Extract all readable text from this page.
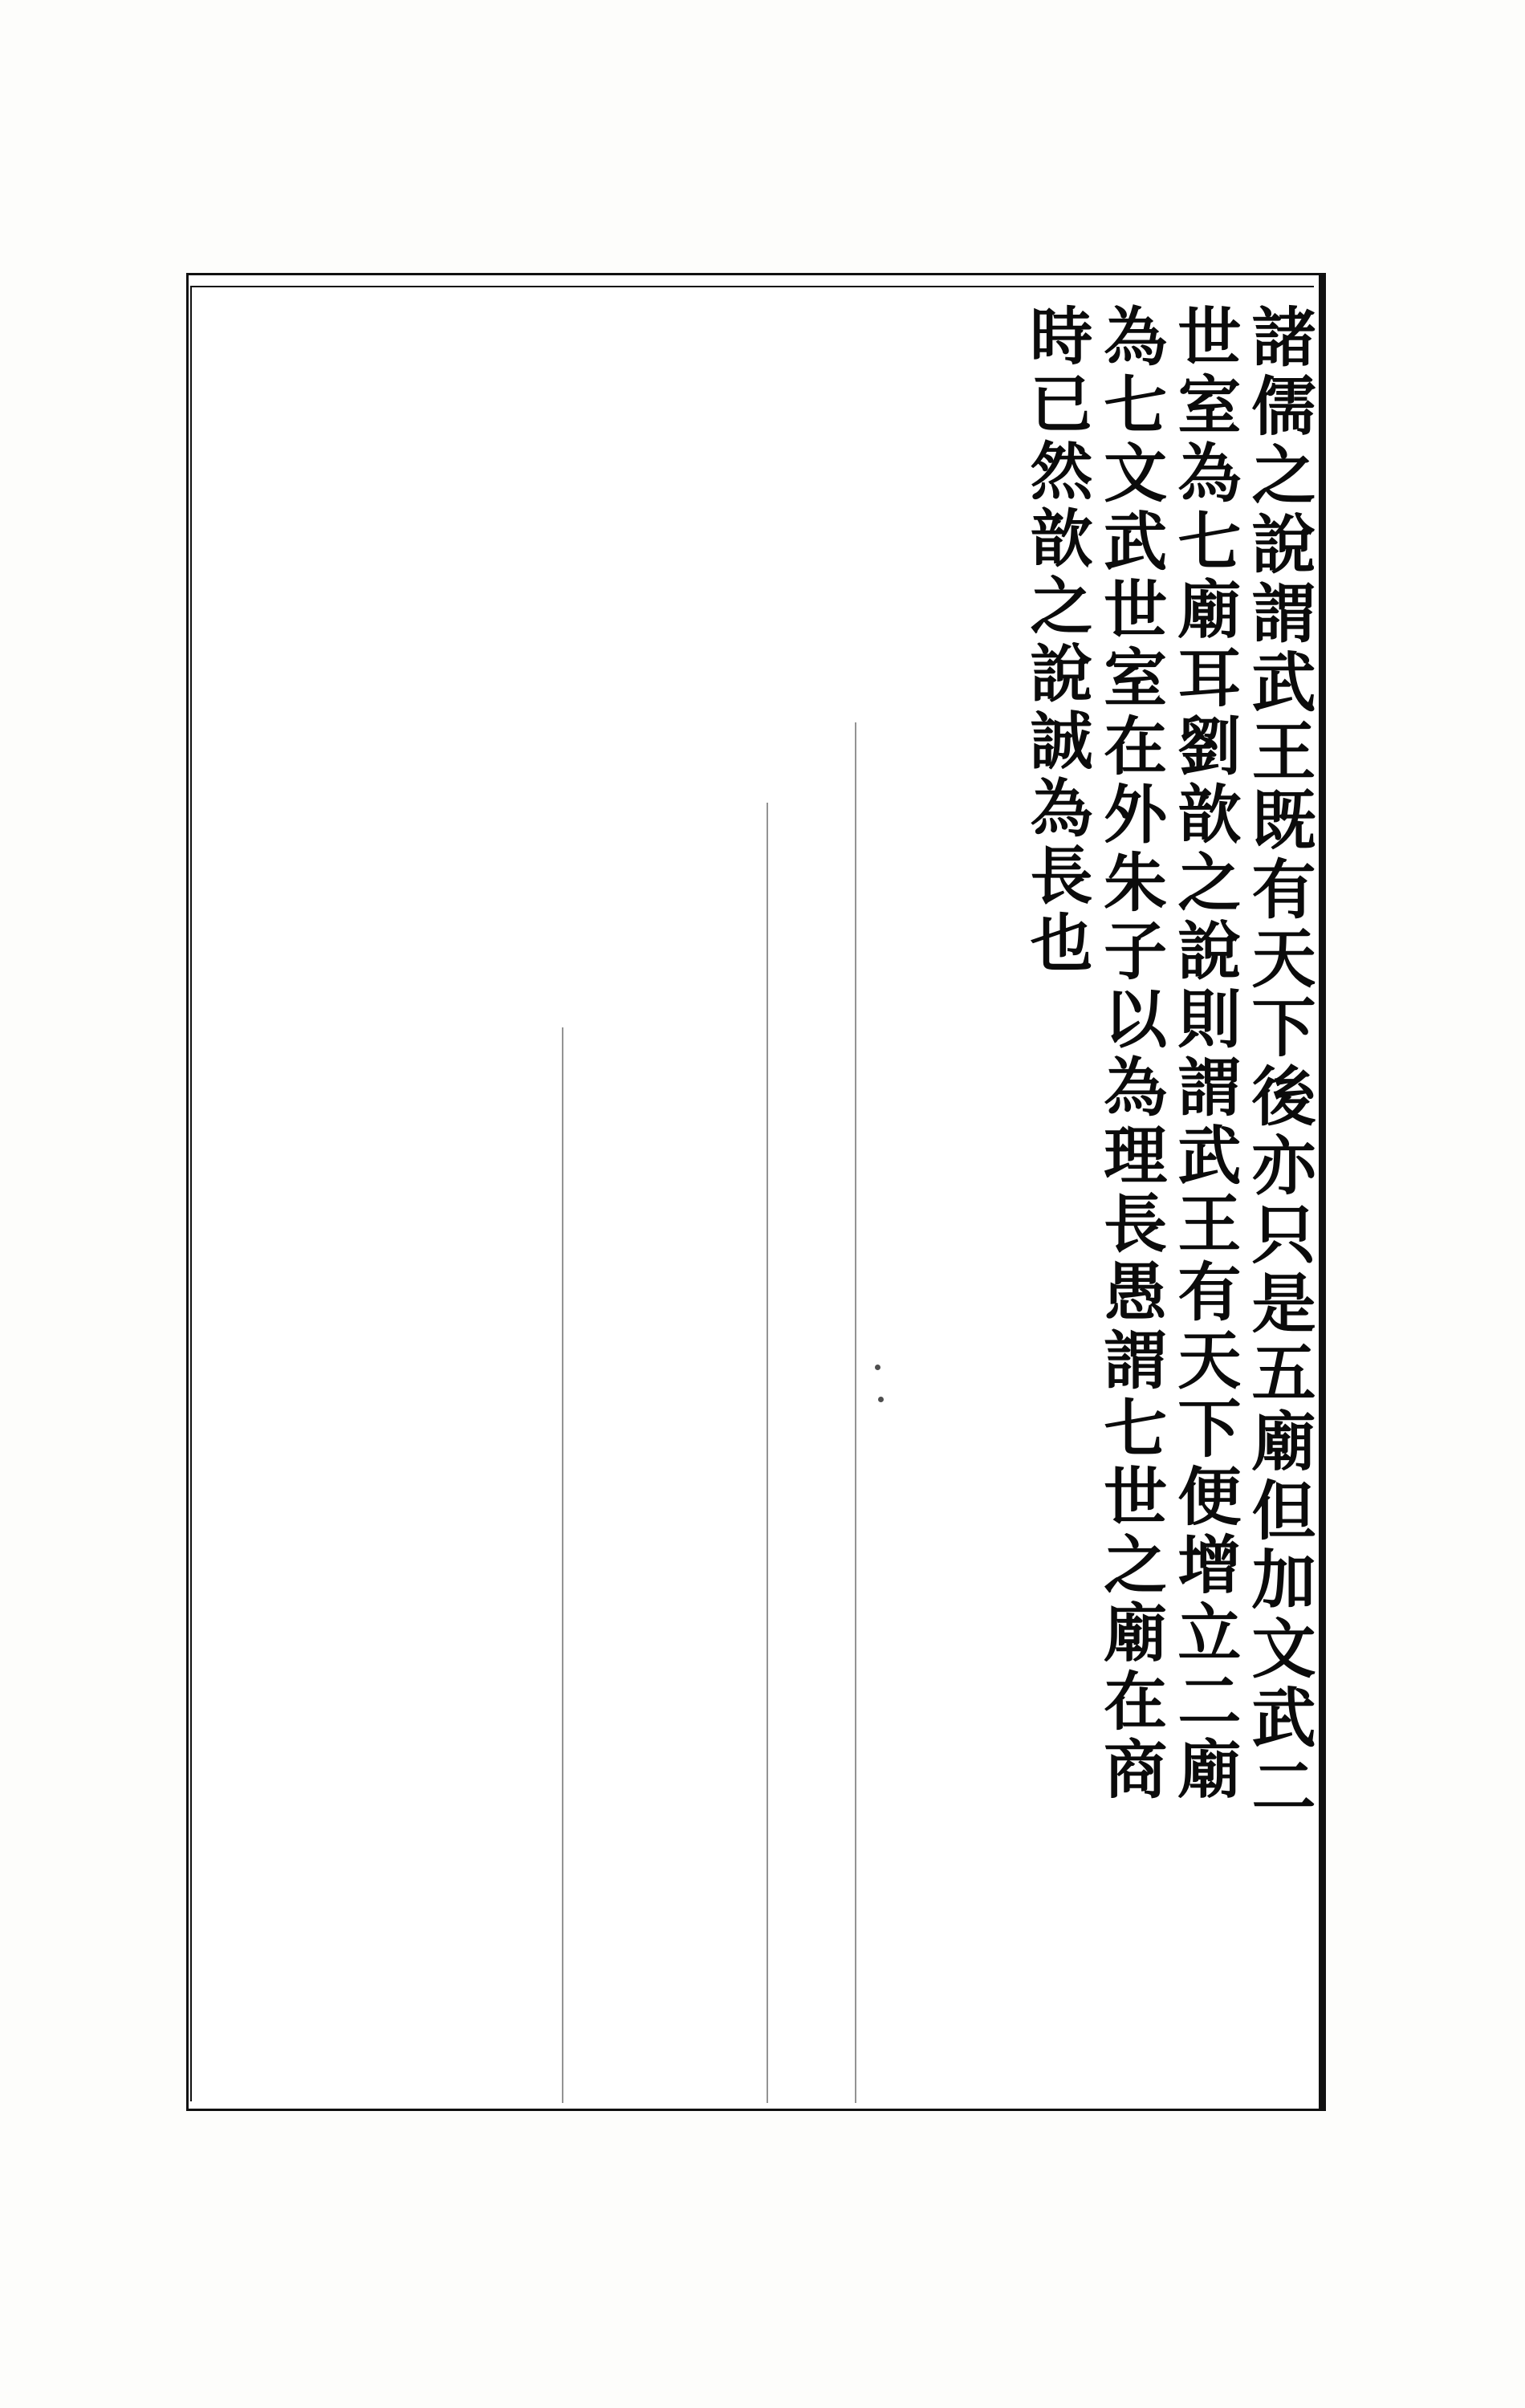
諸儒之說謂武王既有天下後亦只是五廟但加文武二
世室為七廟耳劉歆之說則謂武王有天下便增立二廟
為七文武世室在外朱子以為理長愚謂七世之廟在商
時已然歆之說誠為長也
